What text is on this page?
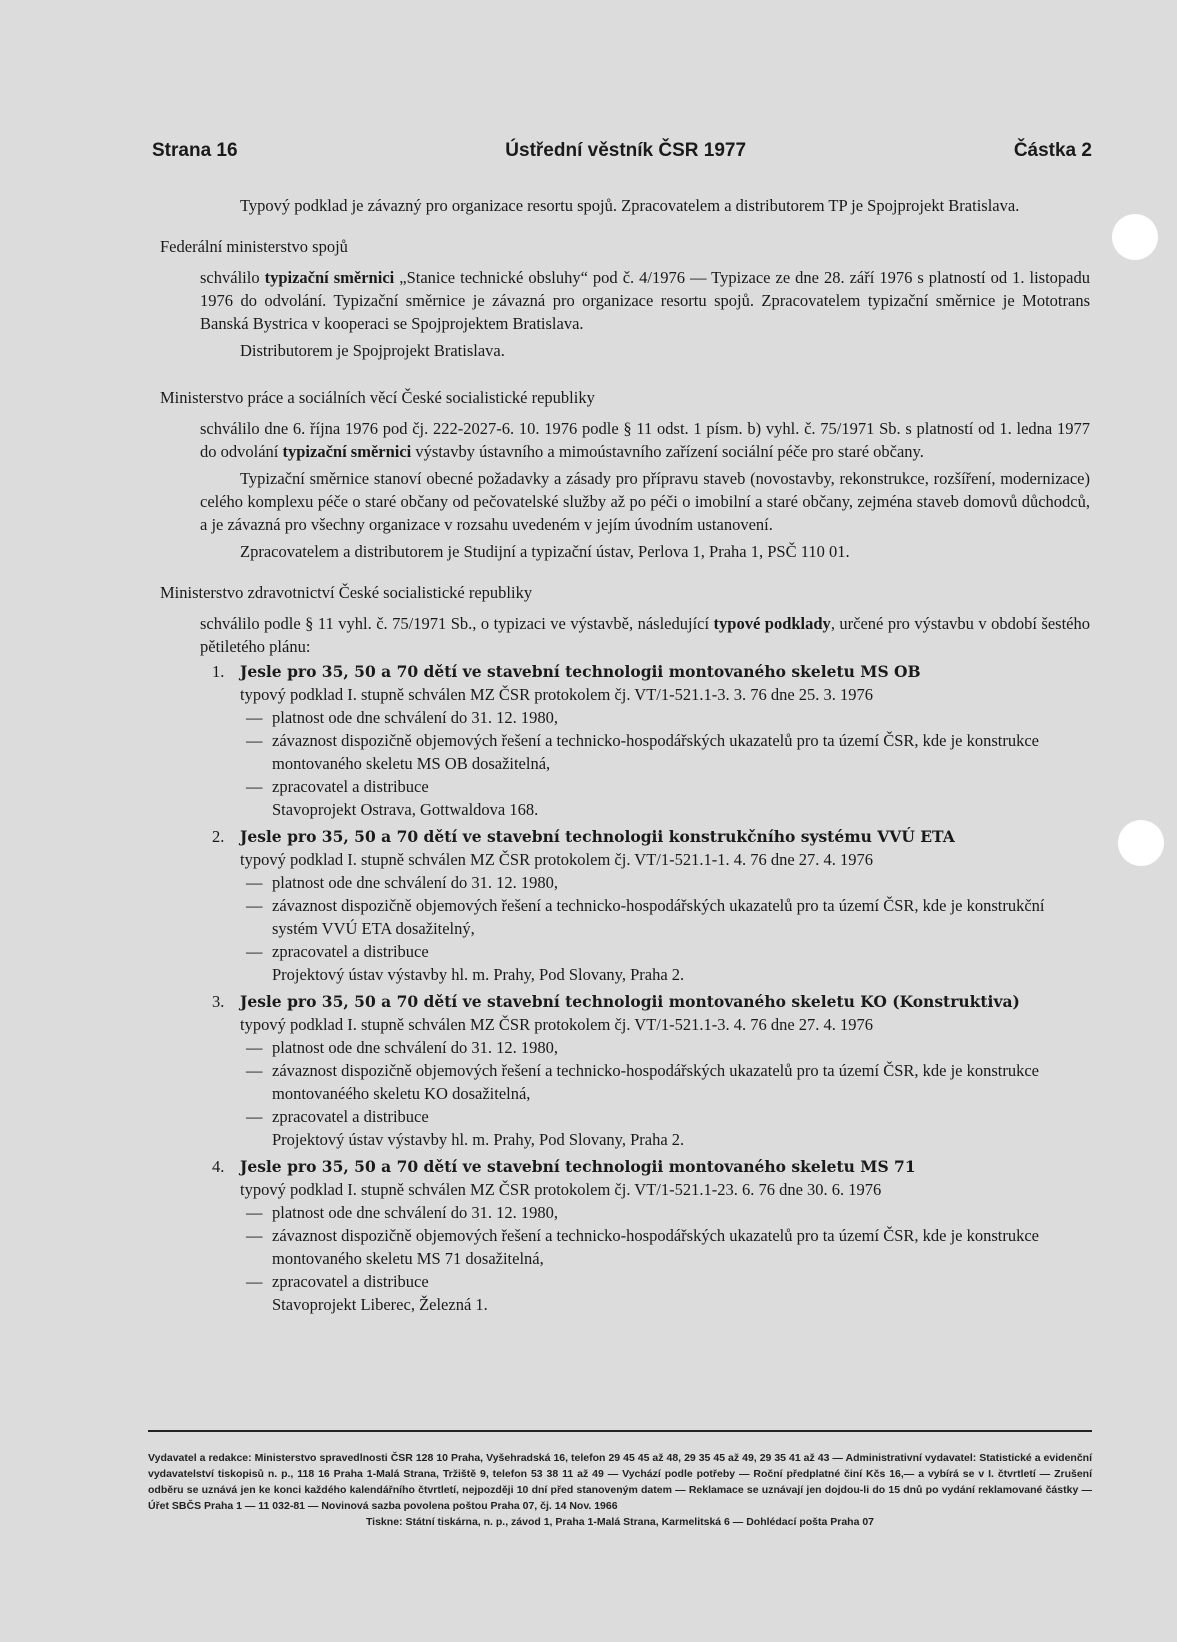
Strana 16	Ústřední věstník ČSR 1977	Částka 2

Typový podklad je závazný pro organizace resortu spojů. Zpracovatelem a distributorem TP je Spojprojekt Bratislava.

Federální ministerstvo spojů

schválilo typizační směrnici „Stanice technické obsluhy“ pod č. 4/1976 — Typizace ze dne 28. září 1976 s platností od 1. listopadu 1976 do odvolání. Typizační směrnice je závazná pro organizace resortu spojů. Zpracovatelem typizační směrnice je Mototrans Banská Bystrica v kooperaci se Spojprojektem Bratislava.

Distributorem je Spojprojekt Bratislava.

Ministerstvo práce a sociálních věcí České socialistické republiky

schválilo dne 6. října 1976 pod čj. 222-2027-6. 10. 1976 podle § 11 odst. 1 písm. b) vyhl. č. 75/1971 Sb. s platností od 1. ledna 1977 do odvolání typizační směrnici výstavby ústavního a mimoústavního zařízení sociální péče pro staré občany.

Typizační směrnice stanoví obecné požadavky a zásady pro přípravu staveb (novostavby, rekonstrukce, rozšíření, modernizace) celého komplexu péče o staré občany od pečovatelské služby až po péči o imobilní a staré občany, zejména staveb domovů důchodců, a je závazná pro všechny organizace v rozsahu uvedeném v jejím úvodním ustanovení.

Zpracovatelem a distributorem je Studijní a typizační ústav, Perlova 1, Praha 1, PSČ 110 01.

Ministerstvo zdravotnictví České socialistické republiky

schválilo podle § 11 vyhl. č. 75/1971 Sb., o typizaci ve výstavbě, následující typové podklady, určené pro výstavbu v období šestého pětiletého plánu:

1. Jesle pro 35, 50 a 70 dětí ve stavební technologii montovaného skeletu MS OB
typový podklad I. stupně schválen MZ ČSR protokolem čj. VT/1-521.1-3. 3. 76 dne 25. 3. 1976
— platnost ode dne schválení do 31. 12. 1980,
— závaznost dispozičně objemových řešení a technicko-hospodářských ukazatelů pro ta území ČSR, kde je konstrukce montovaného skeletu MS OB dosažitelná,
— zpracovatel a distribuce
Stavoprojekt Ostrava, Gottwaldova 168.
2. Jesle pro 35, 50 a 70 dětí ve stavební technologii konstrukčního systému VVÚ ETA
typový podklad I. stupně schválen MZ ČSR protokolem čj. VT/1-521.1-1. 4. 76 dne 27. 4. 1976
— platnost ode dne schválení do 31. 12. 1980,
— závaznost dispozičně objemových řešení a technicko-hospodářských ukazatelů pro ta území ČSR, kde je konstrukční systém VVÚ ETA dosažitelný,
— zpracovatel a distribuce
Projektový ústav výstavby hl. m. Prahy, Pod Slovany, Praha 2.
3. Jesle pro 35, 50 a 70 dětí ve stavební technologii montovaného skeletu KO (Konstruktiva)
typový podklad I. stupně schválen MZ ČSR protokolem čj. VT/1-521.1-3. 4. 76 dne 27. 4. 1976
— platnost ode dne schválení do 31. 12. 1980,
— závaznost dispozičně objemových řešení a technicko-hospodářských ukazatelů pro ta území ČSR, kde je konstrukce montovanéého skeletu KO dosažitelná,
— zpracovatel a distribuce
Projektový ústav výstavby hl. m. Prahy, Pod Slovany, Praha 2.
4. Jesle pro 35, 50 a 70 dětí ve stavební technologii montovaného skeletu MS 71
typový podklad I. stupně schválen MZ ČSR protokolem čj. VT/1-521.1-23. 6. 76 dne 30. 6. 1976
— platnost ode dne schválení do 31. 12. 1980,
— závaznost dispozičně objemových řešení a technicko-hospodářských ukazatelů pro ta území ČSR, kde je konstrukce montovaného skeletu MS 71 dosažitelná,
— zpracovatel a distribuce
Stavoprojekt Liberec, Železná 1.

Vydavatel a redakce: Ministerstvo spravedlnosti ČSR 128 10 Praha, Vyšehradská 16, telefon 29 45 45 až 48, 29 35 45 až 49, 29 35 41 až 43 — Administrativní vydavatel: Statistické a evidenční vydavatelství tiskopisů n. p., 118 16 Praha 1-Malá Strana, Tržiště 9, telefon 53 38 11 až 49 — Vychází podle potřeby — Roční předplatné činí Kčs 16,— a vybírá se v I. čtvrtletí — Zrušení odběru se uznává jen ke konci každého kalendářního čtvrtletí, nejpozději 10 dní před stanoveným datem — Reklamace se uznávají jen dojdou-li do 15 dnů po vydání reklamované částky — Úřet SBČS Praha 1 — 11 032-81 — Novinová sazba povolena poštou Praha 07, čj. 14 Nov. 1966

Tiskne: Státní tiskárna, n. p., závod 1, Praha 1-Malá Strana, Karmelitská 6 — Dohlédací pošta Praha 07
